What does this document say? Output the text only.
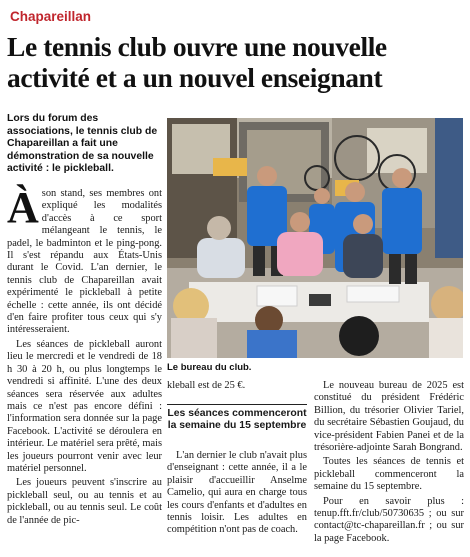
Chapareillan
Le tennis club ouvre une nouvelle activité et a un nouvel enseignant
Lors du forum des associations, le tennis club de Chapareillan a fait une démonstration de sa nouvelle activité : le pickleball.
À son stand, ses membres ont expliqué les modalités d'accès à ce sport mélangeant le tennis, le padel, le badminton et le ping-pong. Il s'est répandu aux États-Unis durant le Covid. L'an dernier, le tennis club de Chapareillan avait expérimenté le pickleball à petite échelle : cette année, ils ont décidé d'en faire profiter tous ceux qui s'y intéresseraient.

Les séances de pickleball auront lieu le mercredi et le vendredi de 18 h 30 à 20 h, ou plus longtemps le vendredi si affinité. L'une des deux séances sera réservée aux adultes mais ce n'est pas encore défini : l'information sera donnée sur la page Facebook. L'activité se déroulera en intérieur. Le matériel sera prêté, mais les joueurs pourront venir avec leur matériel personnel.

Les joueurs peuvent s'inscrire au pickleball seul, ou au tennis et au pickleball, ou au tennis seul. Le coût de l'année de pic-

Le bureau du club.

kleball est de 25 €.

Les séances commenceront la semaine du 15 septembre

L'an dernier le club n'avait plus d'enseignant : cette année, il a le plaisir d'accueillir Anselme Camelio, qui aura en charge tous les cours d'enfants et d'adultes en tennis loisir. Les adultes en compétition n'ont pas de coach.

Le nouveau bureau de 2025 est constitué du président Frédéric Billion, du trésorier Olivier Tariel, du secrétaire Sébastien Goujaud, du vice-président Fabien Panei et de la trésorière-adjointe Sarah Bongrand.

Toutes les séances de tennis et pickleball commenceront la semaine du 15 septembre.

Pour en savoir plus : tenup.fft.fr/club/50730635 ; ou sur contact@tc-chapareillan.fr ; ou sur la page Facebook.
